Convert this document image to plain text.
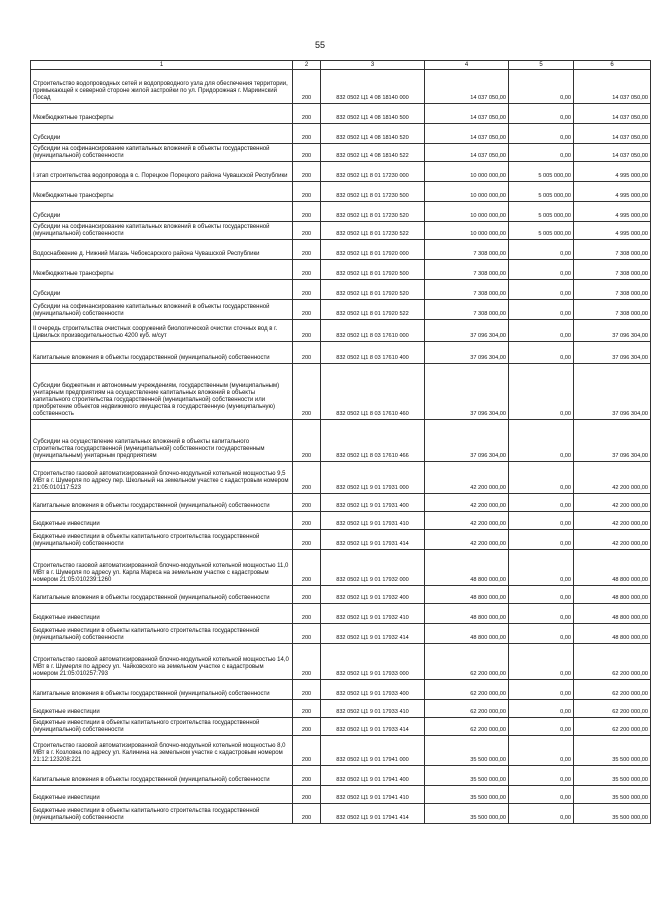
55
1	2	3	4	5	6
Строительство водопроводных сетей и водопроводного узла для обеспечения территории, примыкающей к северной стороне жилой застройки по ул. Придорожная г. Мариинский Посад	200	832 0502 Ц1 4 08 18140 000	14 037 050,00	0,00	14 037 050,00
Межбюджетные трансферты	200	832 0502 Ц1 4 08 18140 500	14 037 050,00	0,00	14 037 050,00
Субсидии	200	832 0502 Ц1 4 08 18140 520	14 037 050,00	0,00	14 037 050,00
Субсидии на софинансирование капитальных вложений в объекты государственной (муниципальной) собственности	200	832 0502 Ц1 4 08 18140 522	14 037 050,00	0,00	14 037 050,00
I этап строительства водопровода в с. Порецкое Порецкого района Чувашской Республики	200	832 0502 Ц1 8 01 17230 000	10 000 000,00	5 005 000,00	4 995 000,00
Межбюджетные трансферты	200	832 0502 Ц1 8 01 17230 500	10 000 000,00	5 005 000,00	4 995 000,00
Субсидии	200	832 0502 Ц1 8 01 17230 520	10 000 000,00	5 005 000,00	4 995 000,00
Субсидии на софинансирование капитальных вложений в объекты государственной (муниципальной) собственности	200	832 0502 Ц1 8 01 17230 522	10 000 000,00	5 005 000,00	4 995 000,00
Водоснабжение д. Нижний Магазь Чебоксарского района Чувашской Республики	200	832 0502 Ц1 8 01 17920 000	7 308 000,00	0,00	7 308 000,00
Межбюджетные трансферты	200	832 0502 Ц1 8 01 17920 500	7 308 000,00	0,00	7 308 000,00
Субсидии	200	832 0502 Ц1 8 01 17920 520	7 308 000,00	0,00	7 308 000,00
Субсидии на софинансирование капитальных вложений в объекты государственной (муниципальной) собственности	200	832 0502 Ц1 8 01 17920 522	7 308 000,00	0,00	7 308 000,00
II очередь строительства очистных сооружений биологической очистки сточных вод в г. Цивильск производительностью 4200 куб. м/сут	200	832 0502 Ц1 8 03 17610 000	37 096 304,00	0,00	37 096 304,00
Капитальные вложения в объекты государственной (муниципальной) собственности	200	832 0502 Ц1 8 03 17610 400	37 096 304,00	0,00	37 096 304,00
Субсидии бюджетным и автономным учреждениям, государственным (муниципальным) унитарным предприятиям на осуществление капитальных вложений в объекты капитального строительства государственной (муниципальной) собственности или приобретение объектов недвижимого имущества в государственную (муниципальную) собственность	200	832 0502 Ц1 8 03 17610 460	37 096 304,00	0,00	37 096 304,00
Субсидии на осуществление капитальных вложений в объекты капитального строительства государственной (муниципальной) собственности государственным (муниципальным) унитарным предприятиям	200	832 0502 Ц1 8 03 17610 466	37 096 304,00	0,00	37 096 304,00
Строительство газовой автоматизированной блочно-модульной котельной мощностью 9,5 МВт в г. Шумерля по адресу пер. Школьный на земельном участке с кадастровым номером 21:05:010117:523	200	832 0502 Ц1 9 01 17931 000	42 200 000,00	0,00	42 200 000,00
Капитальные вложения в объекты государственной (муниципальной) собственности	200	832 0502 Ц1 9 01 17931 400	42 200 000,00	0,00	42 200 000,00
Бюджетные инвестиции	200	832 0502 Ц1 9 01 17931 410	42 200 000,00	0,00	42 200 000,00
Бюджетные инвестиции в объекты капитального строительства государственной (муниципальной) собственности	200	832 0502 Ц1 9 01 17931 414	42 200 000,00	0,00	42 200 000,00
Строительство газовой автоматизированной блочно-модульной котельной мощностью 11,0 МВт в г. Шумерля по адресу ул. Карла Маркса на земельном участке с кадастровым номером 21:05:010239:1260	200	832 0502 Ц1 9 01 17932 000	48 800 000,00	0,00	48 800 000,00
Капитальные вложения в объекты государственной (муниципальной) собственности	200	832 0502 Ц1 9 01 17932 400	48 800 000,00	0,00	48 800 000,00
Бюджетные инвестиции	200	832 0502 Ц1 9 01 17932 410	48 800 000,00	0,00	48 800 000,00
Бюджетные инвестиции в объекты капитального строительства государственной (муниципальной) собственности	200	832 0502 Ц1 9 01 17932 414	48 800 000,00	0,00	48 800 000,00
Строительство газовой автоматизированной блочно-модульной котельной мощностью 14,0 МВт в г. Шумерля по адресу ул. Чайковского на земельном участке с кадастровым номером 21:05:010257:793	200	832 0502 Ц1 9 01 17933 000	62 200 000,00	0,00	62 200 000,00
Капитальные вложения в объекты государственной (муниципальной) собственности	200	832 0502 Ц1 9 01 17933 400	62 200 000,00	0,00	62 200 000,00
Бюджетные инвестиции	200	832 0502 Ц1 9 01 17933 410	62 200 000,00	0,00	62 200 000,00
Бюджетные инвестиции в объекты капитального строительства государственной (муниципальной) собственности	200	832 0502 Ц1 9 01 17933 414	62 200 000,00	0,00	62 200 000,00
Строительство газовой автоматизированной блочно-модульной котельной мощностью 8,0 МВт в г. Козловка по адресу ул. Калинина на земельном участке с кадастровым номером 21:12:123208:221	200	832 0502 Ц1 9 01 17941 000	35 500 000,00	0,00	35 500 000,00
Капитальные вложения в объекты государственной (муниципальной) собственности	200	832 0502 Ц1 9 01 17941 400	35 500 000,00	0,00	35 500 000,00
Бюджетные инвестиции	200	832 0502 Ц1 9 01 17941 410	35 500 000,00	0,00	35 500 000,00
Бюджетные инвестиции в объекты капитального строительства государственной (муниципальной) собственности	200	832 0502 Ц1 9 01 17941 414	35 500 000,00	0,00	35 500 000,00
